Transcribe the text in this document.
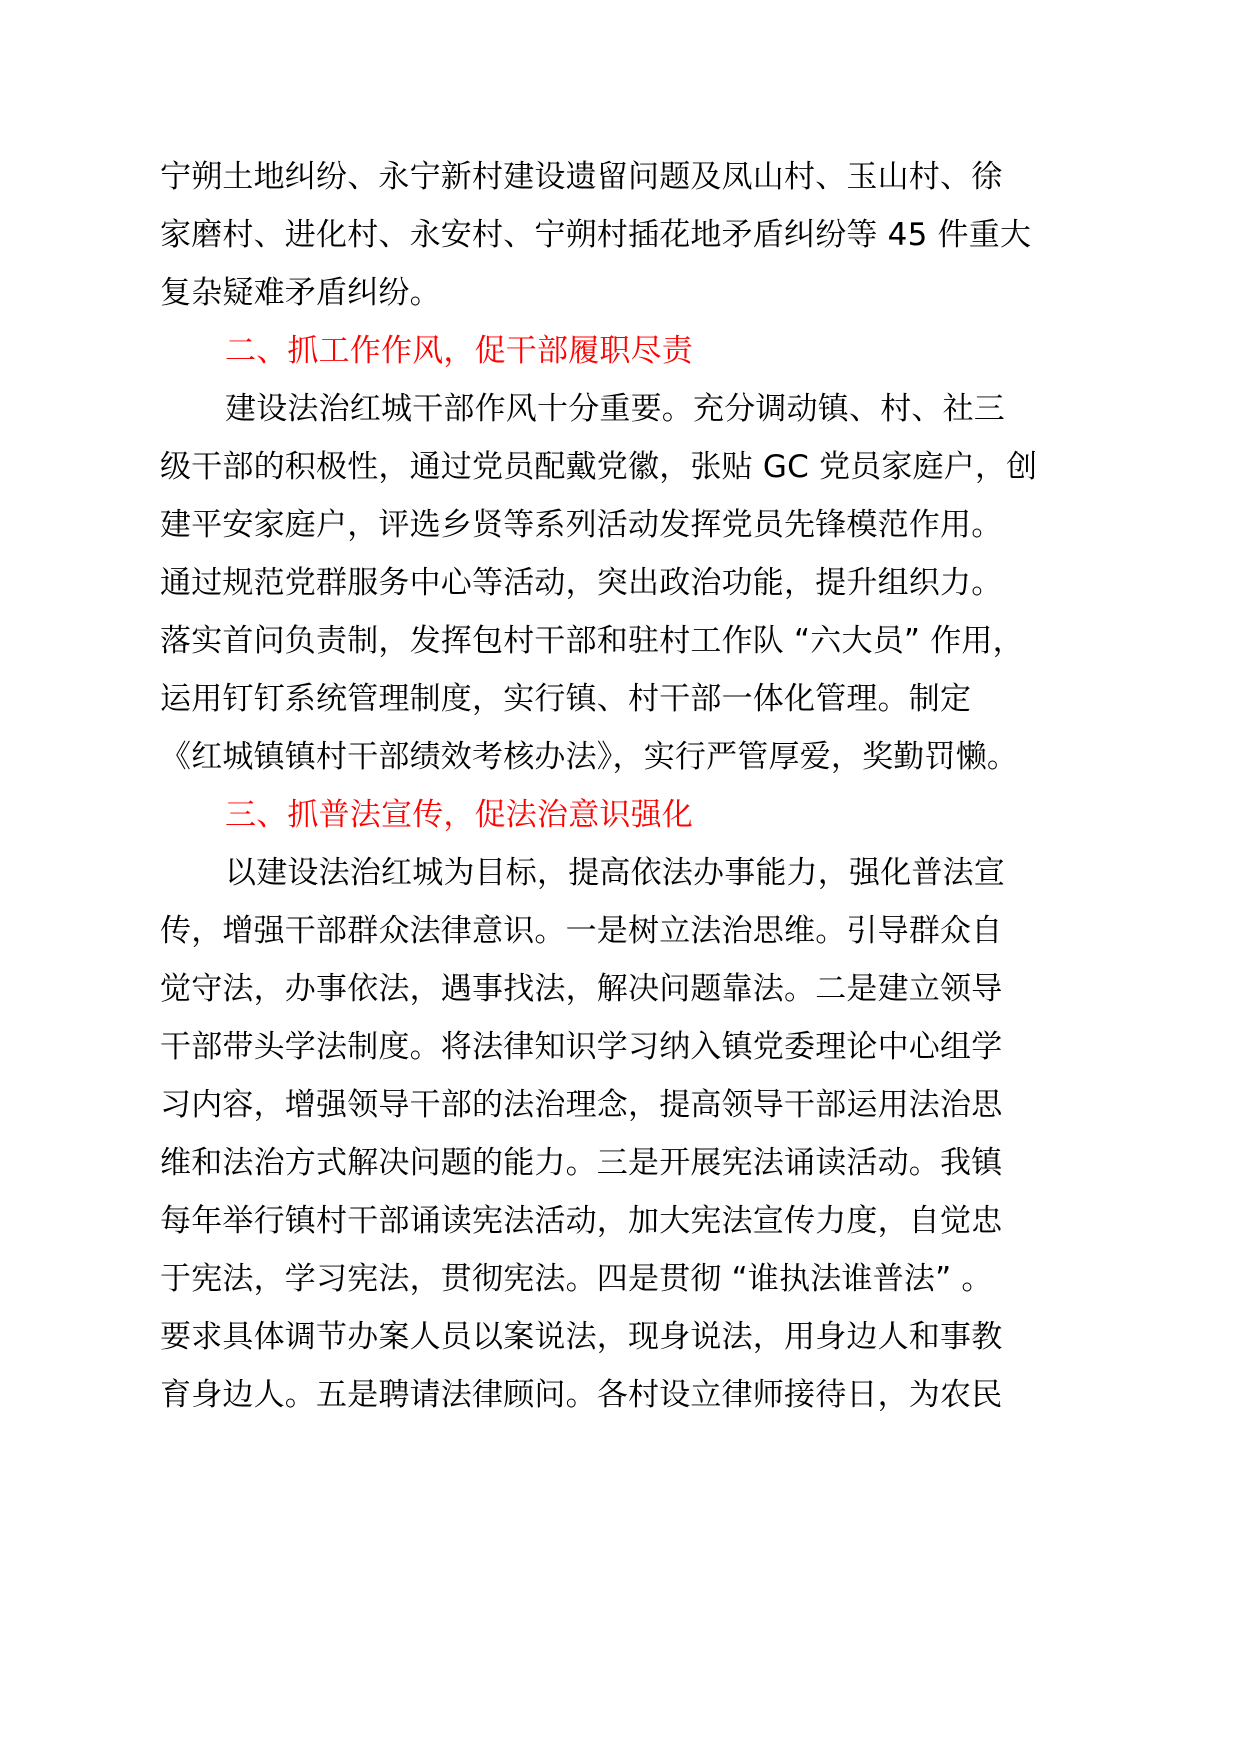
宁朔土地纠纷、永宁新村建设遗留问题及凤山村、玉山村、徐
家磨村、进化村、永安村、宁朔村插花地矛盾纠纷等 45 件重大
复杂疑难矛盾纠纷。
二、抓工作作风，促干部履职尽责
建设法治红城干部作风十分重要。充分调动镇、村、社三
级干部的积极性，通过党员配戴党徽，张贴 GC 党员家庭户，创
建平安家庭户，评选乡贤等系列活动发挥党员先锋模范作用。
通过规范党群服务中心等活动，突出政治功能，提升组织力。
落实首问负责制，发挥包村干部和驻村工作队 “六大员” 作用，
运用钉钉系统管理制度，实行镇、村干部一体化管理。制定
《红城镇镇村干部绩效考核办法》，实行严管厚爱，奖勤罚懒。
三、抓普法宣传，促法治意识强化
以建设法治红城为目标，提高依法办事能力，强化普法宣
传，增强干部群众法律意识。一是树立法治思维。引导群众自
觉守法，办事依法，遇事找法，解决问题靠法。二是建立领导
干部带头学法制度。将法律知识学习纳入镇党委理论中心组学
习内容，增强领导干部的法治理念，提高领导干部运用法治思
维和法治方式解决问题的能力。三是开展宪法诵读活动。我镇
每年举行镇村干部诵读宪法活动，加大宪法宣传力度，自觉忠
于宪法，学习宪法，贯彻宪法。四是贯彻 “谁执法谁普法” 。
要求具体调节办案人员以案说法，现身说法，用身边人和事教
育身边人。五是聘请法律顾问。各村设立律师接待日，为农民
